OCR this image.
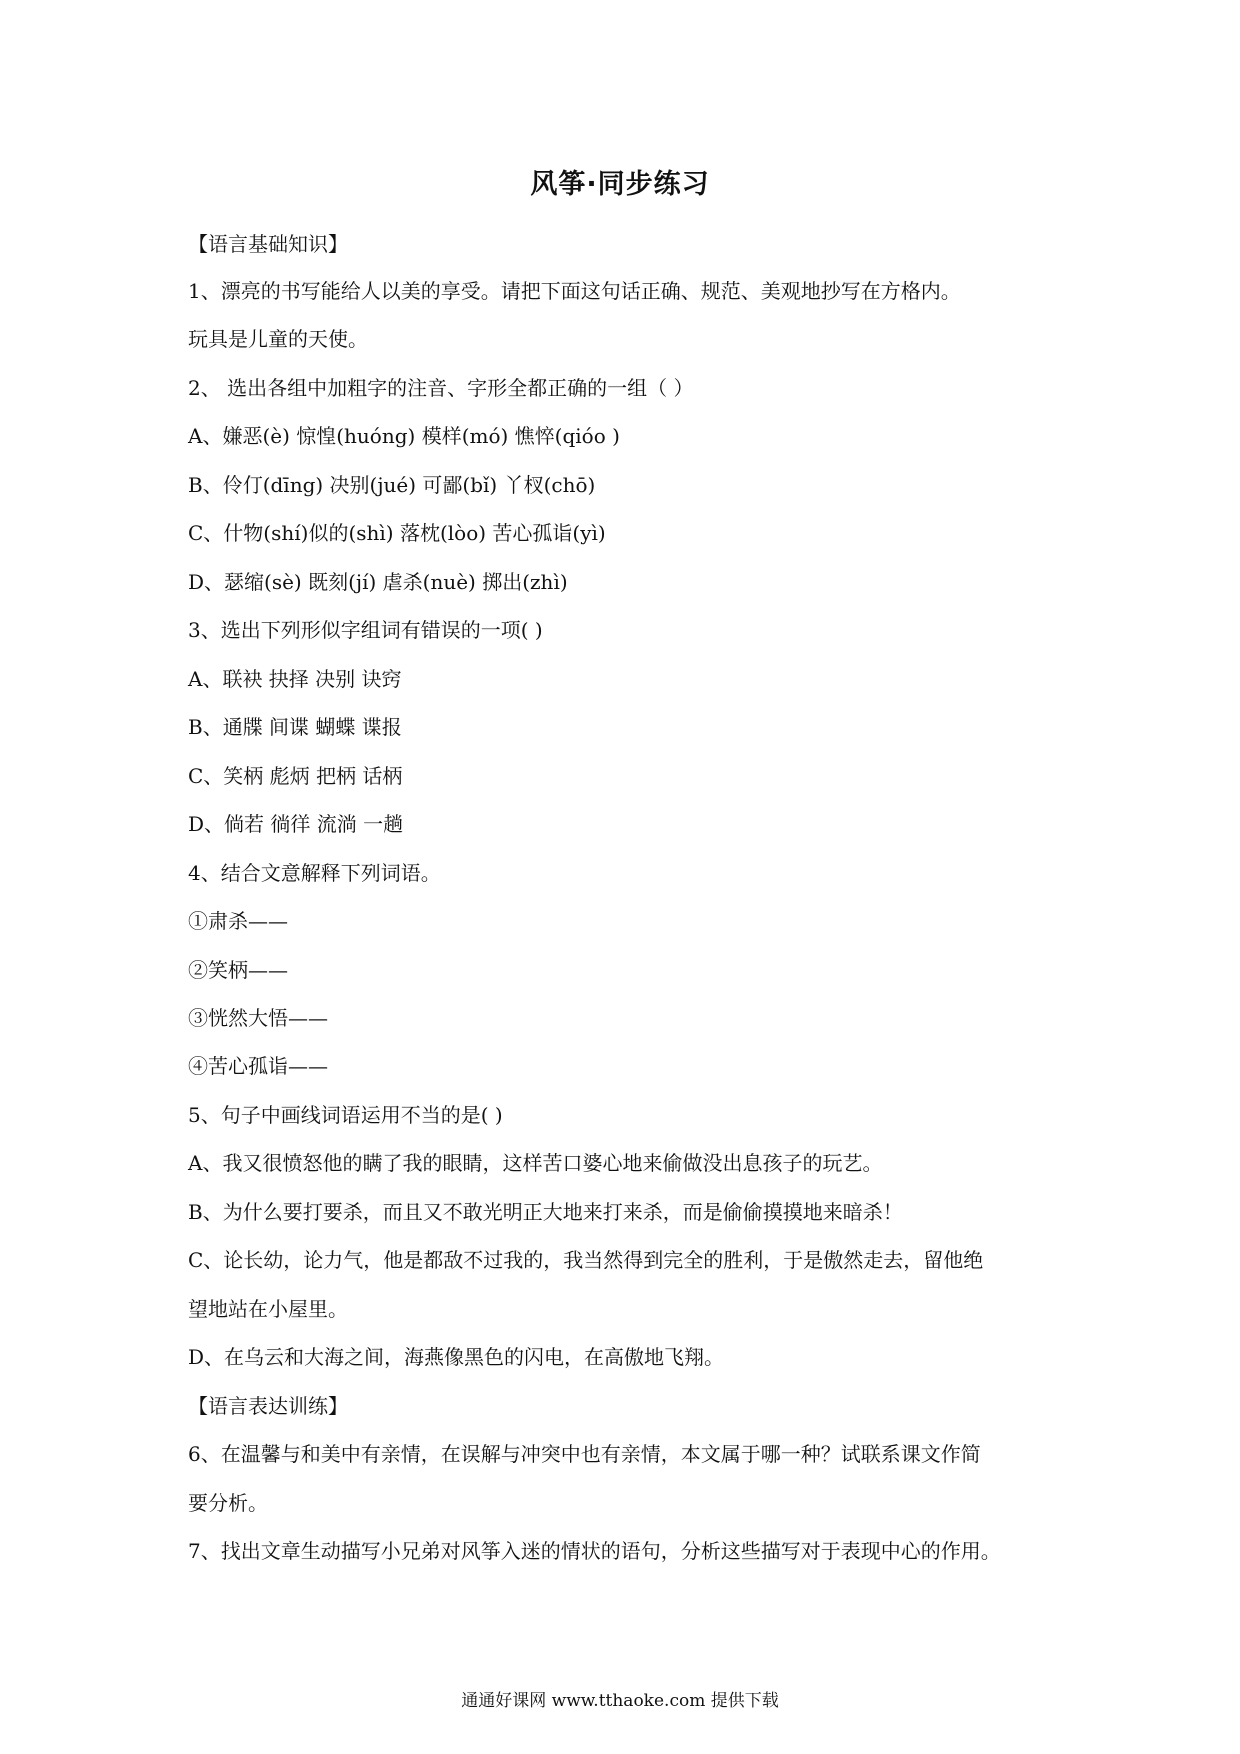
风筝·同步练习

【语言基础知识】

1、漂亮的书写能给人以美的享受。请把下面这句话正确、规范、美观地抄写在方格内。

玩具是儿童的天使。

2、 选出各组中加粗字的注音、字形全都正确的一组（ ）

A、嫌恶(è) 惊惶(huóng) 模样(mó) 憔悴(qióo )

B、伶仃(dīng) 决别(jué) 可鄙(bǐ) 丫杈(chō)

C、什物(shí)似的(shì) 落枕(lòo) 苦心孤诣(yì)

D、瑟缩(sè) 既刻(jí) 虐杀(nuè) 掷出(zhì)

3、选出下列形似字组词有错误的一项( )

A、联袂 抉择 决别 诀窍

B、通牒 间谍 蝴蝶 谍报

C、笑柄 彪炳 把柄 话柄

D、倘若 徜徉 流淌 一趟

4、结合文意解释下列词语。

①肃杀——

②笑柄——

③恍然大悟——

④苦心孤诣——

5、句子中画线词语运用不当的是( )

A、我又很愤怒他的瞒了我的眼睛，这样苦口婆心地来偷做没出息孩子的玩艺。

B、为什么要打要杀，而且又不敢光明正大地来打来杀，而是偷偷摸摸地来暗杀！

C、论长幼，论力气，他是都敌不过我的，我当然得到完全的胜利，于是傲然走去，留他绝

望地站在小屋里。

D、在乌云和大海之间，海燕像黑色的闪电，在高傲地飞翔。

【语言表达训练】

6、在温馨与和美中有亲情，在误解与冲突中也有亲情，本文属于哪一种？试联系课文作简

要分析。

7、找出文章生动描写小兄弟对风筝入迷的情状的语句，分析这些描写对于表现中心的作用。

通通好课网 www.tthaoke.com 提供下载
